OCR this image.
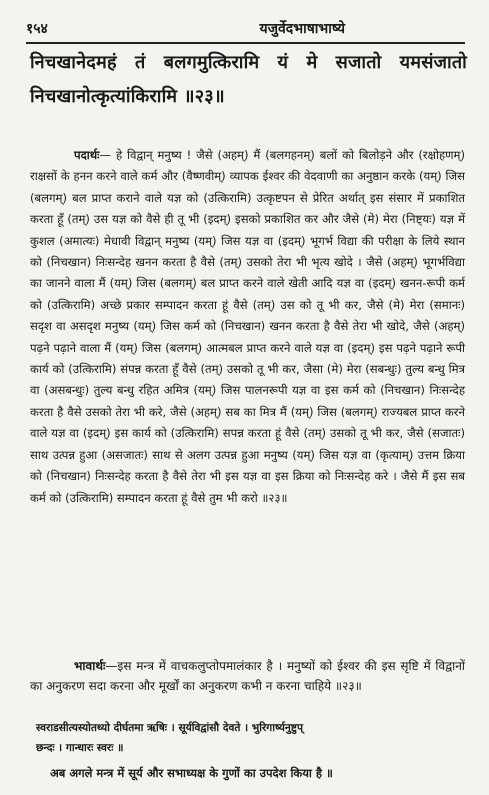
१५४	यजुर्वेदभाषाभाष्ये
निचखानेदमहं तं बलगमुत्किरामि यं मे सजातो यमसंजातो
निचखानोत्कृत्यांकिरामि ॥२३॥
पदार्थः— हे विद्वान् मनुष्य ! जैसे (अहम्) मैं (बलगहनम्) बलों को बिलोड़ने और (रक्षोहणम्) राक्षसों के हनन करने वाले कर्म और (वैष्णवीम्) व्यापक ईश्वर की वेदवाणी का अनुष्ठान करके (यम्) जिस (बलगम्) बल प्राप्त कराने वाले यज्ञ को (उत्किरामि) उत्कृष्टपन से प्रेरित अर्थात् इस संसार में प्रकाशित करता हूँ (तम्) उस यज्ञ को वैसे ही तू भी (इदम्) इसको प्रकाशित कर और जैसे (मे) मेरा (निष्ट्यः) यज्ञ में कुशल (अमात्यः) मेधावी विद्वान् मनुष्य (यम्) जिस यज्ञ वा (इदम्) भूगर्भ विद्या की परीक्षा के लिये स्थान को (निचखान) निःसन्देह खनन करता है वैसे (तम्) उसको तेरा भी भृत्य खोदे । जैसे (अहम्) भूगर्भविद्या का जानने वाला मैं (यम्) जिस (बलगम्) बल प्राप्त करने वाले खेती आदि यज्ञ वा (इदम्) खनन-रूपी कर्म को (उत्किरामि) अच्छे प्रकार सम्पादन करता हूं वैसे (तम्) उस को तू भी कर, जैसे (मे) मेरा (समानः) सदृश वा असदृश मनुष्य (यम्) जिस कर्म को (निचखान) खनन करता है वैसे तेरा भी खोदे, जैसे (अहम्) पढ़ने पढ़ाने वाला मैं (यम्) जिस (बलगम्) आत्मबल प्राप्त करने वाले यज्ञ वा (इदम्) इस पढ़ने पढ़ाने रूपी कार्य को (उत्किरामि) संपन्न करता हूँ वैसे (तम्) उसको तू भी कर, जैसा (मे) मेरा (सबन्धुः) तुल्य बन्धु मित्र वा (असबन्धुः) तुल्य बन्धु रहित अमित्र (यम्) जिस पालनरूपी यज्ञ वा इस कर्म को (निचखान) निःसन्देह करता है वैसे उसको तेरा भी करे, जैसे (अहम्) सब का मित्र मैं (यम्) जिस (बलगम्) राज्यबल प्राप्त करने वाले यज्ञ वा (इदम्) इस कार्य को (उत्किरामि) सपन्न करता हूं वैसे (तम्) उसको तू भी कर, जैसे (सजातः) साथ उत्पन्न हुआ (असजातः) साथ से अलग उत्पन्न हुआ मनुष्य (यम्) जिस यज्ञ वा (कृत्याम्) उत्तम क्रिया को (निचखान) निःसन्देह करता है वैसे तेरा भी इस यज्ञ वा इस क्रिया को निःसन्देह करे । जैसे मैं इस सब कर्म को (उत्किरामि) सम्पादन करता हूं वैसे तुम भी करो ॥२३॥
भावार्थः—इस मन्त्र में वाचकलुप्तोपमालंकार है । मनुष्यों को ईश्वर की इस सृष्टि में विद्वानों का अनुकरण सदा करना और मूर्खों का अनुकरण कभी न करना चाहिये ॥२३॥
स्वराडसीत्यस्योतथ्यो दीर्घतमा ऋषिः । सूर्यविद्वांसौ देवते । भुरिगार्ष्यनुष्टुप्
छन्दः । गान्धारः स्वरः ॥
अब अगले मन्त्र में सूर्य और सभाध्यक्ष के गुणों का उपदेश किया है ॥
